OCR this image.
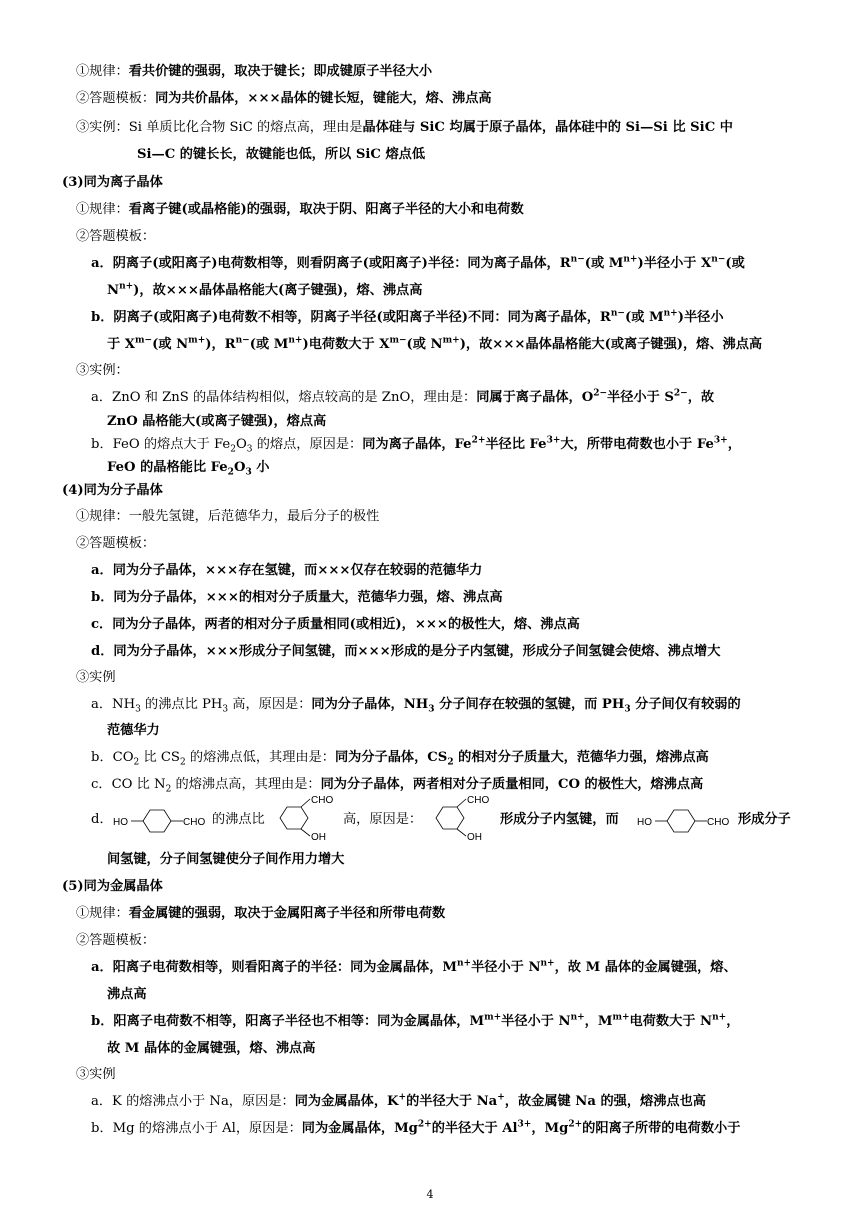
①规律：看共价键的强弱，取决于键长；即成键原子半径大小
②答题模板：同为共价晶体，×××晶体的键长短，键能大，熔、沸点高
③实例：Si 单质比化合物 SiC 的熔点高，理由是晶体硅与 SiC 均属于原子晶体，晶体硅中的 Si—Si 比 SiC 中
Si—C 的键长长，故键能也低，所以 SiC 熔点低
(3)同为离子晶体
①规律：看离子键(或晶格能)的强弱，取决于阴、阳离子半径的大小和电荷数
②答题模板：
a．阴离子(或阳离子)电荷数相等，则看阴离子(或阳离子)半径：同为离子晶体，$R^{n-}$(或 $M^{n+}$)半径小于 $X^{n-}$(或
$N^{n+}$)，故×××晶体晶格能大(离子键强)，熔、沸点高
b．阴离子(或阳离子)电荷数不相等，阴离子半径(或阳离子半径)不同：同为离子晶体，$R^{n-}$(或 $M^{n+}$)半径小
于 $X^{m-}$(或 $N^{m+}$)，$R^{n-}$(或 $M^{n+}$)电荷数大于 $X^{m-}$(或 $N^{m+}$)，故×××晶体晶格能大(或离子键强)，熔、沸点高
③实例：
a．ZnO 和 ZnS 的晶体结构相似，熔点较高的是 ZnO，理由是：同属于离子晶体，$O^{2-}$半径小于 $S^{2-}$，故
ZnO 晶格能大(或离子键强)，熔点高
b．FeO 的熔点大于 $Fe_2O_3$ 的熔点，原因是：同为离子晶体，$Fe^{2+}$半径比 $Fe^{3+}$大，所带电荷数也小于 $Fe^{3+}$，
FeO 的晶格能比 $Fe_2O_3$ 小
(4)同为分子晶体
①规律：一般先氢键，后范德华力，最后分子的极性
②答题模板：
a．同为分子晶体，×××存在氢键，而×××仅存在较弱的范德华力
b．同为分子晶体，×××的相对分子质量大，范德华力强，熔、沸点高
c．同为分子晶体，两者的相对分子质量相同(或相近)，×××的极性大，熔、沸点高
d．同为分子晶体，×××形成分子间氢键，而×××形成的是分子内氢键，形成分子间氢键会使熔、沸点增大
③实例
a．$NH_3$ 的沸点比 $PH_3$ 高，原因是：同为分子晶体，$NH_3$ 分子间存在较强的氢键，而 $PH_3$ 分子间仅有较弱的
范德华力
b．$CO_2$ 比 $CS_2$ 的熔沸点低，其理由是：同为分子晶体，$CS_2$ 的相对分子质量大，范德华力强，熔沸点高
c．CO 比 $N_2$ 的熔沸点高，其理由是：同为分子晶体，两者相对分子质量相同，CO 的极性大，熔沸点高
间氢键，分子间氢键使分子间作用力增大
(5)同为金属晶体
①规律：看金属键的强弱，取决于金属阳离子半径和所带电荷数
②答题模板：
a．阳离子电荷数相等，则看阳离子的半径：同为金属晶体，$M^{n+}$半径小于 $N^{n+}$，故 M 晶体的金属键强，熔、
沸点高
b．阳离子电荷数不相等，阳离子半径也不相等：同为金属晶体，$M^{m+}$半径小于 $N^{n+}$，$M^{m+}$电荷数大于 $N^{n+}$，
故 M 晶体的金属键强，熔、沸点高
③实例
a．K 的熔沸点小于 Na，原因是：同为金属晶体，K+的半径大于 Na+，故金属键 Na 的强，熔沸点也高
b．Mg 的熔沸点小于 Al，原因是：同为金属晶体，$Mg^{2+}$的半径大于 $Al^{3+}$，$Mg^{2+}$的阳离子所带的电荷数小于
d． HO	CHO 的沸点比
CHO
OH
高，原因是：
CHO
OH
形成分子内氢键，而 HO	CHO 形成分子
4
